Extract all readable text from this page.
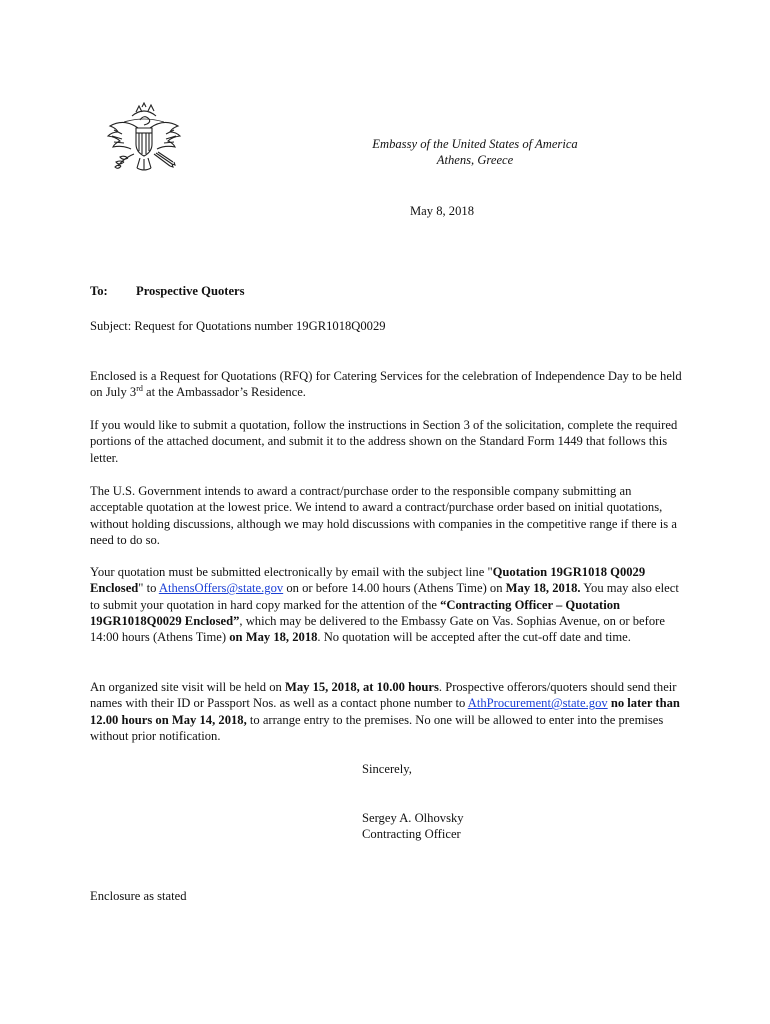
Embassy of the United States of America
Athens, Greece
May 8, 2018
To: Prospective Quoters

Subject: Request for Quotations number 19GR1018Q0029

Enclosed is a Request for Quotations (RFQ) for Catering Services for the celebration of Independence Day to be held on July 3rd at the Ambassador’s Residence.

If you would like to submit a quotation, follow the instructions in Section 3 of the solicitation, complete the required portions of the attached document, and submit it to the address shown on the Standard Form 1449 that follows this letter.

The U.S. Government intends to award a contract/purchase order to the responsible company submitting an acceptable quotation at the lowest price. We intend to award a contract/purchase order based on initial quotations, without holding discussions, although we may hold discussions with companies in the competitive range if there is a need to do so.

Your quotation must be submitted electronically by email with the subject line "Quotation 19GR1018 Q0029 Enclosed" to AthensOffers@state.gov on or before 14.00 hours (Athens Time) on May 18, 2018. You may also elect to submit your quotation in hard copy marked for the attention of the “Contracting Officer – Quotation 19GR1018Q0029 Enclosed”, which may be delivered to the Embassy Gate on Vas. Sophias Avenue, on or before 14:00 hours (Athens Time) on May 18, 2018. No quotation will be accepted after the cut-off date and time.

An organized site visit will be held on May 15, 2018, at 10.00 hours. Prospective offerors/quoters should send their names with their ID or Passport Nos. as well as a contact phone number to AthProcurement@state.gov no later than 12.00 hours on May 14, 2018, to arrange entry to the premises. No one will be allowed to enter into the premises without prior notification.

Sincerely,
Sergey A. Olhovsky
Contracting Officer
Enclosure as stated
